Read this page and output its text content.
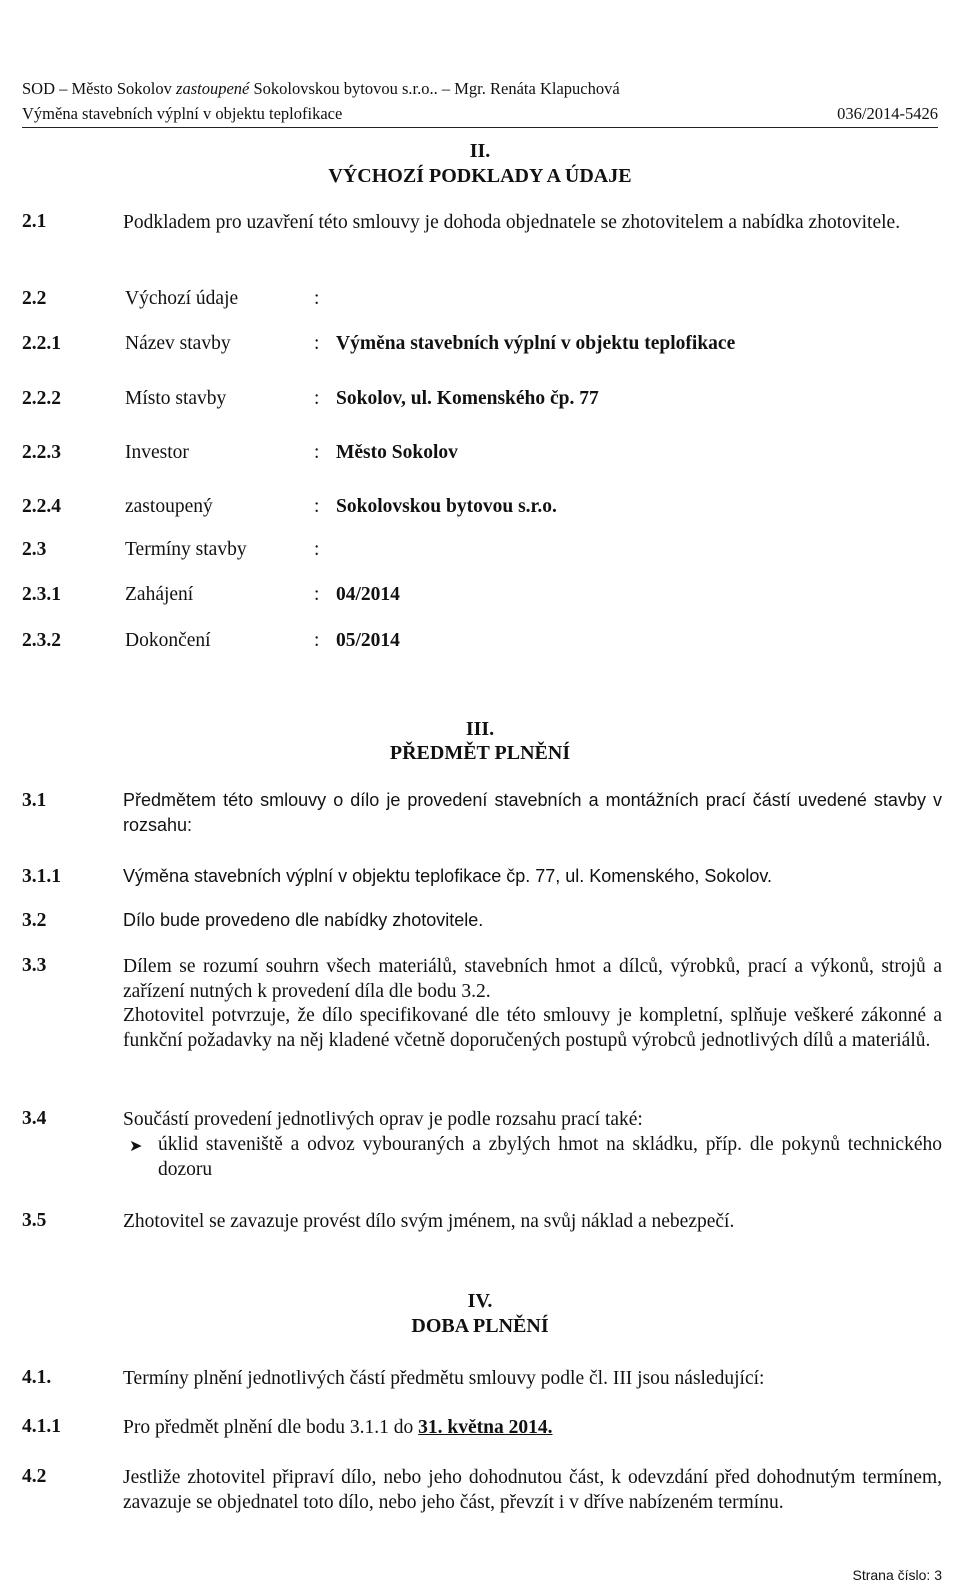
SOD – Město Sokolov zastoupené Sokolovskou bytovou s.r.o.. – Mgr. Renáta Klapuchová
Výměna stavebních výplní v objektu teplofikace	036/2014-5426
II.
VÝCHOZÍ PODKLADY A ÚDAJE
2.1	Podkladem pro uzavření této smlouvy je dohoda objednatele se zhotovitelem a nabídka zhotovitele.
2.2	Výchozí údaje	:
2.2.1	Název stavby	: Výměna stavebních výplní v objektu teplofikace
2.2.2	Místo stavby	: Sokolov, ul. Komenského čp. 77
2.2.3	Investor	: Město Sokolov
2.2.4	zastoupený	: Sokolovskou bytovou s.r.o.
2.3	Termíny stavby	:
2.3.1	Zahájení	: 04/2014
2.3.2	Dokončení	: 05/2014
III.
PŘEDMĚT PLNĚNÍ
3.1	Předmětem této smlouvy o dílo je provedení stavebních a montážních prací částí uvedené stavby v rozsahu:
3.1.1	Výměna stavebních výplní v objektu teplofikace čp. 77, ul. Komenského, Sokolov.
3.2	Dílo bude provedeno dle nabídky zhotovitele.
3.3	Dílem se rozumí souhrn všech materiálů, stavebních hmot a dílců, výrobků, prací a výkonů, strojů a zařízení nutných k provedení díla dle bodu 3.2.
Zhotovitel potvrzuje, že dílo specifikované dle této smlouvy je kompletní, splňuje veškeré zákonné a funkční požadavky na něj kladené včetně doporučených postupů výrobců jednotlivých dílů a materiálů.
3.4	Součástí provedení jednotlivých oprav je podle rozsahu prací také:
➤ úklid staveniště a odvoz vybouraných a zbylých hmot na skládku, příp. dle pokynů technického dozoru
3.5	Zhotovitel se zavazuje provést dílo svým jménem, na svůj náklad a nebezpečí.
IV.
DOBA PLNĚNÍ
4.1.	Termíny plnění jednotlivých částí předmětu smlouvy podle čl. III jsou následující:
4.1.1	Pro předmět plnění dle bodu 3.1.1 do 31. května 2014.
4.2	Jestliže zhotovitel připraví dílo, nebo jeho dohodnutou část, k odevzdání před dohodnutým termínem, zavazuje se objednatel toto dílo, nebo jeho část, převzít i v dříve nabízeném termínu.
Strana číslo: 3
